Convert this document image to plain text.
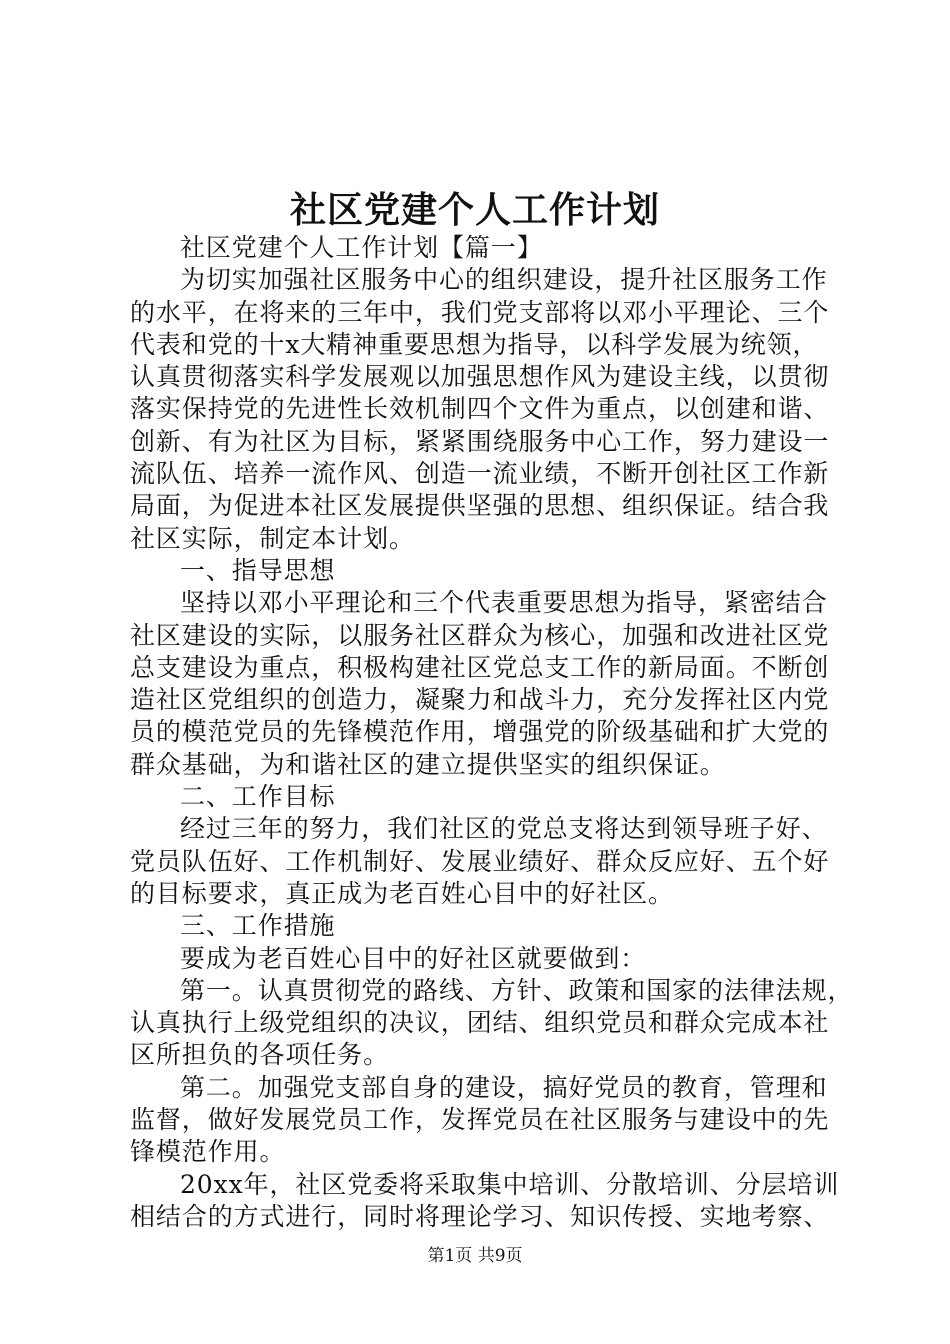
社区党建个人工作计划
社区党建个人工作计划【篇一】
为切实加强社区服务中心的组织建设，提升社区服务工作
的水平，在将来的三年中，我们党支部将以邓小平理论、三个
代表和党的十x大精神重要思想为指导，以科学发展为统领，
认真贯彻落实科学发展观以加强思想作风为建设主线，以贯彻
落实保持党的先进性长效机制四个文件为重点，以创建和谐、
创新、有为社区为目标，紧紧围绕服务中心工作，努力建设一
流队伍、培养一流作风、创造一流业绩，不断开创社区工作新
局面，为促进本社区发展提供坚强的思想、组织保证。结合我
社区实际，制定本计划。
一、指导思想
坚持以邓小平理论和三个代表重要思想为指导，紧密结合
社区建设的实际，以服务社区群众为核心，加强和改进社区党
总支建设为重点，积极构建社区党总支工作的新局面。不断创
造社区党组织的创造力，凝聚力和战斗力，充分发挥社区内党
员的模范党员的先锋模范作用，增强党的阶级基础和扩大党的
群众基础，为和谐社区的建立提供坚实的组织保证。
二、工作目标
经过三年的努力，我们社区的党总支将达到领导班子好、
党员队伍好、工作机制好、发展业绩好、群众反应好、五个好
的目标要求，真正成为老百姓心目中的好社区。
三、工作措施
要成为老百姓心目中的好社区就要做到：
第一。认真贯彻党的路线、方针、政策和国家的法律法规，
认真执行上级党组织的决议，团结、组织党员和群众完成本社
区所担负的各项任务。
第二。加强党支部自身的建设，搞好党员的教育，管理和
监督，做好发展党员工作，发挥党员在社区服务与建设中的先
锋模范作用。
20xx年，社区党委将采取集中培训、分散培训、分层培训
相结合的方式进行，同时将理论学习、知识传授、实地考察、
第1页 共9页
